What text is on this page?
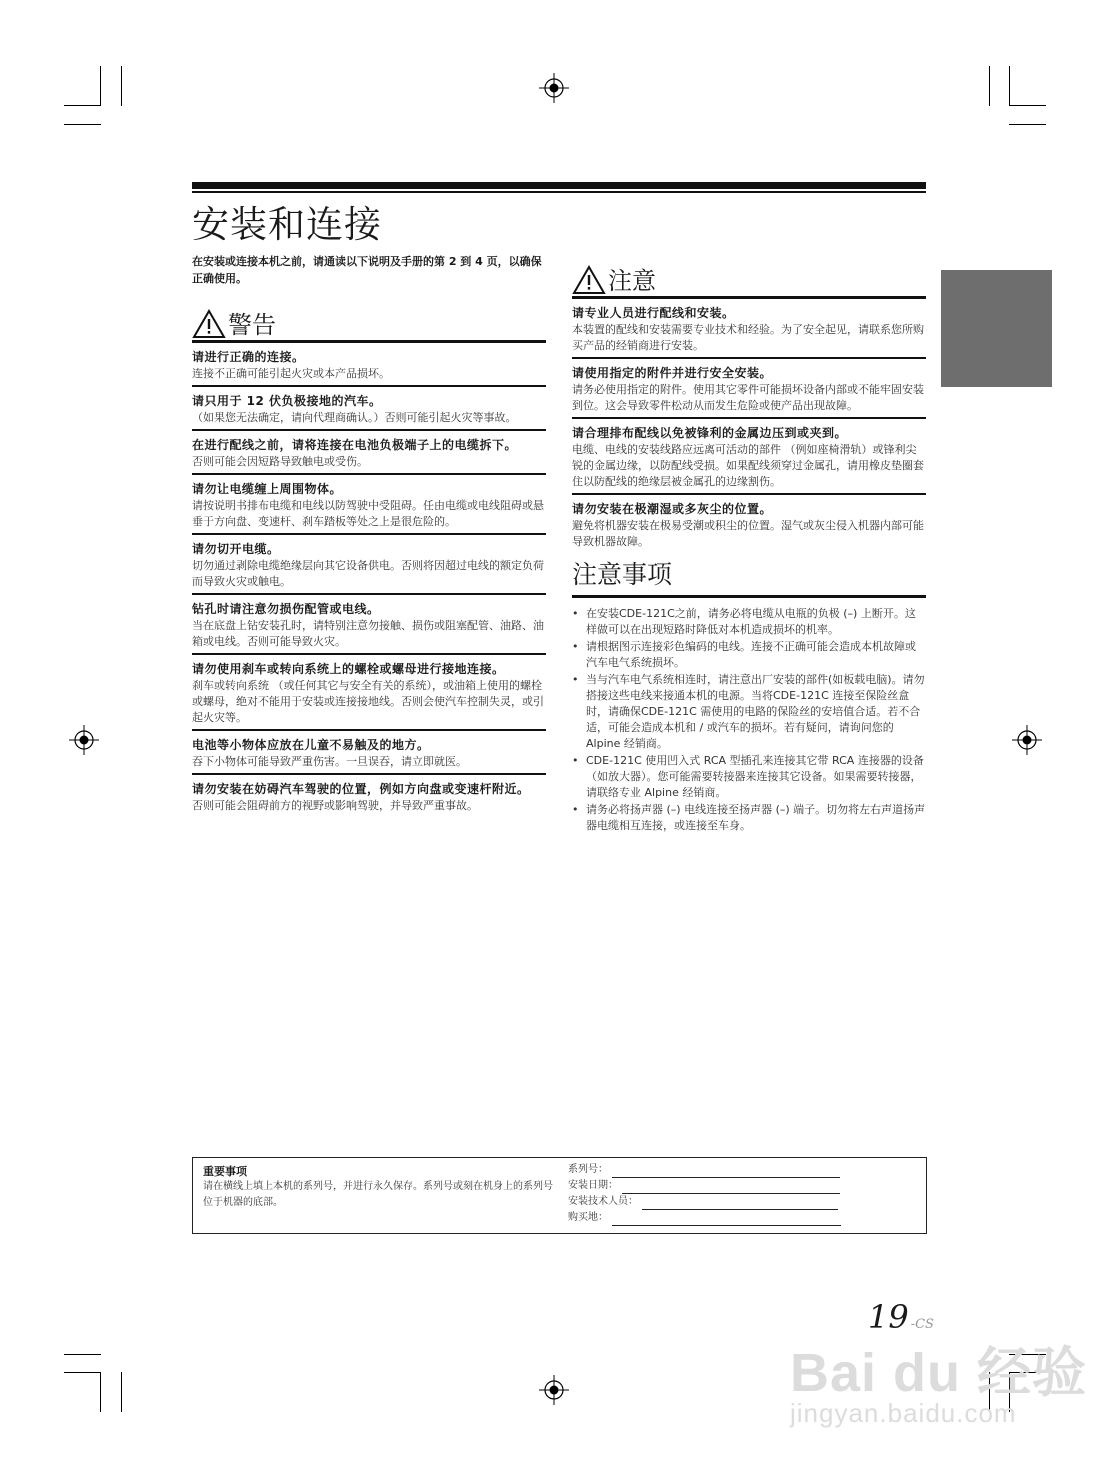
安装和连接
在安装或连接本机之前，请通读以下说明及手册的第 2 到 4 页，以确保正确使用。
警告
请进行正确的连接。
连接不正确可能引起火灾或本产品损坏。
请只用于 12 伏负极接地的汽车。
（如果您无法确定，请向代理商确认。）否则可能引起火灾等事故。
在进行配线之前，请将连接在电池负极端子上的电缆拆下。
否则可能会因短路导致触电或受伤。
请勿让电缆缠上周围物体。
请按说明书排布电缆和电线以防驾驶中受阻碍。任由电缆或电线阻碍或悬垂于方向盘、变速杆、刹车踏板等处之上是很危险的。
请勿切开电缆。
切勿通过剥除电缆绝缘层向其它设备供电。否则将因超过电线的额定负荷而导致火灾或触电。
钻孔时请注意勿损伤配管或电线。
当在底盘上钻安装孔时，请特别注意勿接触、损伤或阻塞配管、油路、油箱或电线。否则可能导致火灾。
请勿使用刹车或转向系统上的螺栓或螺母进行接地连接。
刹车或转向系统 （或任何其它与安全有关的系统），或油箱上使用的螺栓或螺母，绝对不能用于安装或连接接地线。否则会使汽车控制失灵，或引起火灾等。
电池等小物体应放在儿童不易触及的地方。
吞下小物体可能导致严重伤害。一旦误吞，请立即就医。
请勿安装在妨碍汽车驾驶的位置，例如方向盘或变速杆附近。
否则可能会阻碍前方的视野或影响驾驶，并导致严重事故。
注意
请专业人员进行配线和安装。
本装置的配线和安装需要专业技术和经验。为了安全起见，请联系您所购买产品的经销商进行安装。
请使用指定的附件并进行安全安装。
请务必使用指定的附件。使用其它零件可能损坏设备内部或不能牢固安装到位。这会导致零件松动从而发生危险或使产品出现故障。
请合理排布配线以免被锋利的金属边压到或夹到。
电缆、电线的安装线路应远离可活动的部件 （例如座椅滑轨）或锋利尖锐的金属边缘，以防配线受损。如果配线须穿过金属孔，请用橡皮垫圈套住以防配线的绝缘层被金属孔的边缘割伤。
请勿安装在极潮湿或多灰尘的位置。
避免将机器安装在极易受潮或积尘的位置。湿气或灰尘侵入机器内部可能导致机器故障。
注意事项
• 在安装CDE-121C之前，请务必将电缆从电瓶的负极 (–) 上断开。这样做可以在出现短路时降低对本机造成损坏的机率。
• 请根据图示连接彩色编码的电线。连接不正确可能会造成本机故障或汽车电气系统损坏。
• 当与汽车电气系统相连时，请注意出厂安装的部件(如板载电脑)。请勿搭接这些电线来接通本机的电源。当将CDE-121C 连接至保险丝盒时，请确保CDE-121C 需使用的电路的保险丝的安培值合适。若不合适，可能会造成本机和 / 或汽车的损坏。若有疑问，请询问您的 Alpine 经销商。
• CDE-121C 使用凹入式 RCA 型插孔来连接其它带 RCA 连接器的设备（如放大器）。您可能需要转接器来连接其它设备。如果需要转接器，请联络专业 Alpine 经销商。
• 请务必将扬声器 (–) 电线连接至扬声器 (–) 端子。切勿将左右声道扬声器电缆相互连接，或连接至车身。
重要事项
请在横线上填上本机的系列号，并进行永久保存。系列号或刻在机身上的系列号位于机器的底部。
系列号：
安装日期：
安装技术人员：
购买地：
19 -CS
Bai du 经验
jingyan.baidu.com
